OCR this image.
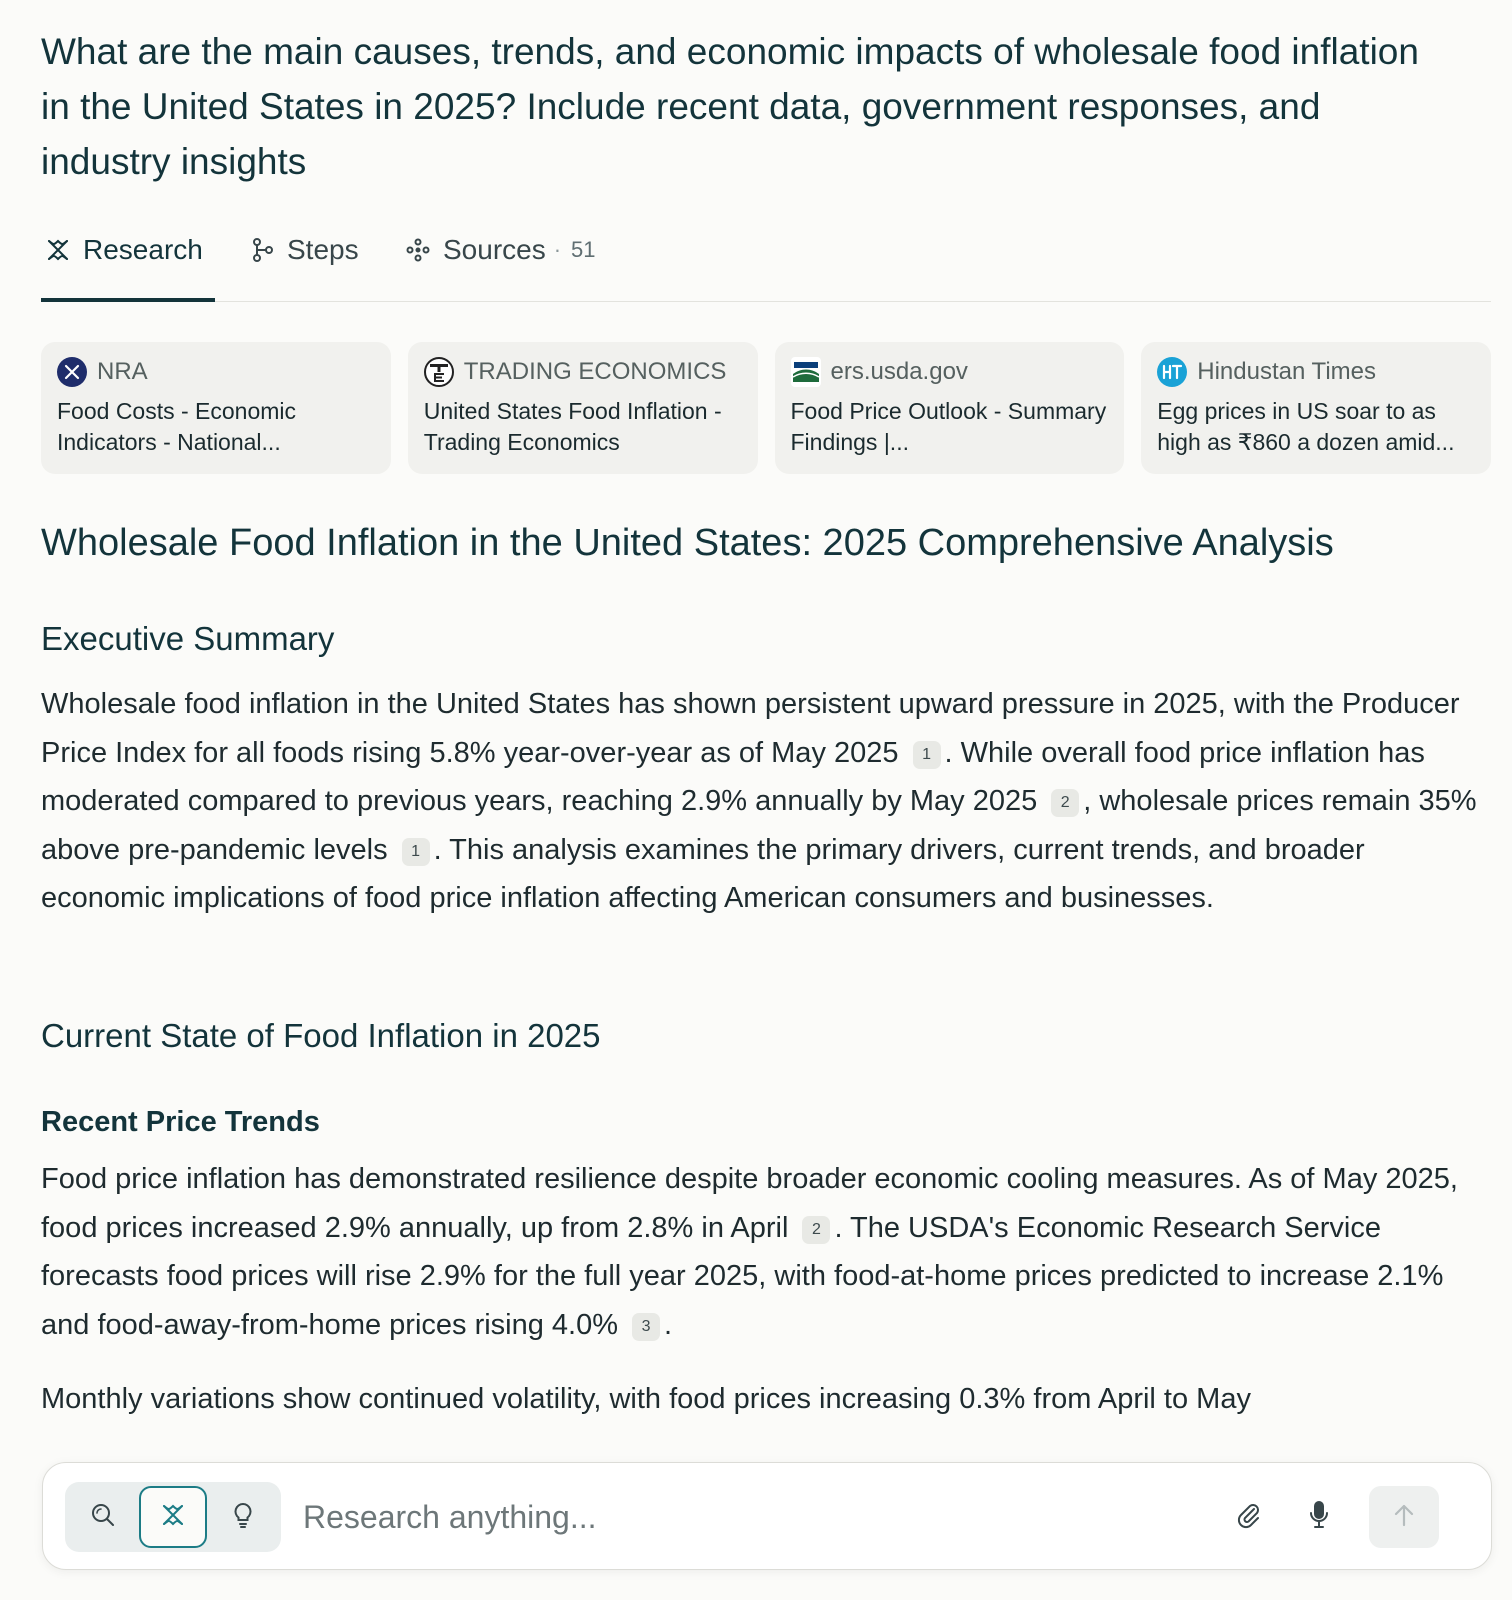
What are the main causes, trends, and economic impacts of wholesale food inflation in the United States in 2025? Include recent data, government responses, and industry insights
Research	Steps	Sources · 51
NRA
Food Costs - Economic Indicators - National...
TRADING ECONOMICS
United States Food Inflation - Trading Economics
ers.usda.gov
Food Price Outlook - Summary Findings |...
Hindustan Times
Egg prices in US soar to as high as ₹860 a dozen amid...
Wholesale Food Inflation in the United States: 2025 Comprehensive Analysis
Executive Summary
Wholesale food inflation in the United States has shown persistent upward pressure in 2025, with the Producer Price Index for all foods rising 5.8% year-over-year as of May 2025 1 . While overall food price inflation has moderated compared to previous years, reaching 2.9% annually by May 2025 2 , wholesale prices remain 35% above pre-pandemic levels 1 . This analysis examines the primary drivers, current trends, and broader economic implications of food price inflation affecting American consumers and businesses.
Current State of Food Inflation in 2025
Recent Price Trends
Food price inflation has demonstrated resilience despite broader economic cooling measures. As of May 2025, food prices increased 2.9% annually, up from 2.8% in April 2 . The USDA's Economic Research Service forecasts food prices will rise 2.9% for the full year 2025, with food-at-home prices predicted to increase 2.1% and food-away-from-home prices rising 4.0% 3 .
Monthly variations show continued volatility, with food prices increasing 0.3% from April to May
Research anything...
